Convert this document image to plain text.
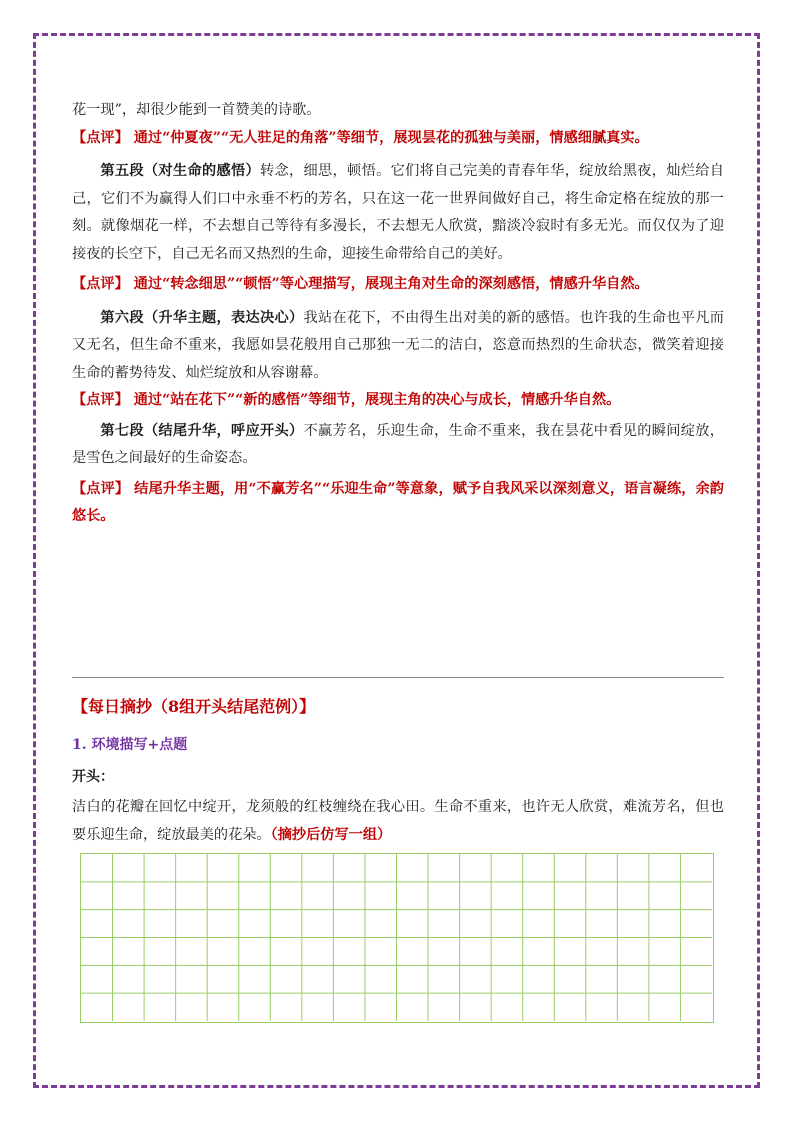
花一现”，却很少能到一首赞美的诗歌。

【点评】 通过“仲夏夜”“无人驻足的角落”等细节，展现昙花的孤独与美丽，情感细腻真实。

第五段（对生命的感悟）转念，细思，顿悟。它们将自己完美的青春年华，绽放给黑夜，灿烂给自己，它们不为赢得人们口中永垂不朽的芳名，只在这一花一世界间做好自己，将生命定格在绽放的那一刻。就像烟花一样，不去想自己等待有多漫长，不去想无人欣赏，黯淡冷寂时有多无光。而仅仅为了迎接夜的长空下，自己无名而又热烈的生命，迎接生命带给自己的美好。

【点评】 通过“转念细思”“顿悟”等心理描写，展现主角对生命的深刻感悟，情感升华自然。

第六段（升华主题，表达决心）我站在花下，不由得生出对美的新的感悟。也许我的生命也平凡而又无名，但生命不重来，我愿如昙花般用自己那独一无二的洁白，恣意而热烈的生命状态，微笑着迎接生命的蓄势待发、灿烂绽放和从容谢幕。

【点评】 通过“站在花下”“新的感悟”等细节，展现主角的决心与成长，情感升华自然。

第七段（结尾升华，呼应开头）不赢芳名，乐迎生命，生命不重来，我在昙花中看见的瞬间绽放，是雪色之间最好的生命姿态。

【点评】 结尾升华主题，用“不赢芳名”“乐迎生命”等意象，赋予自我风采以深刻意义，语言凝练，余韵悠长。

【每日摘抄（8组开头结尾范例）】
1. 环境描写+点题
开头：
洁白的花瓣在回忆中绽开，龙须般的红枝缠绕在我心田。生命不重来，也许无人欣赏，难流芳名，但也要乐迎生命，绽放最美的花朵。（摘抄后仿写一组）
